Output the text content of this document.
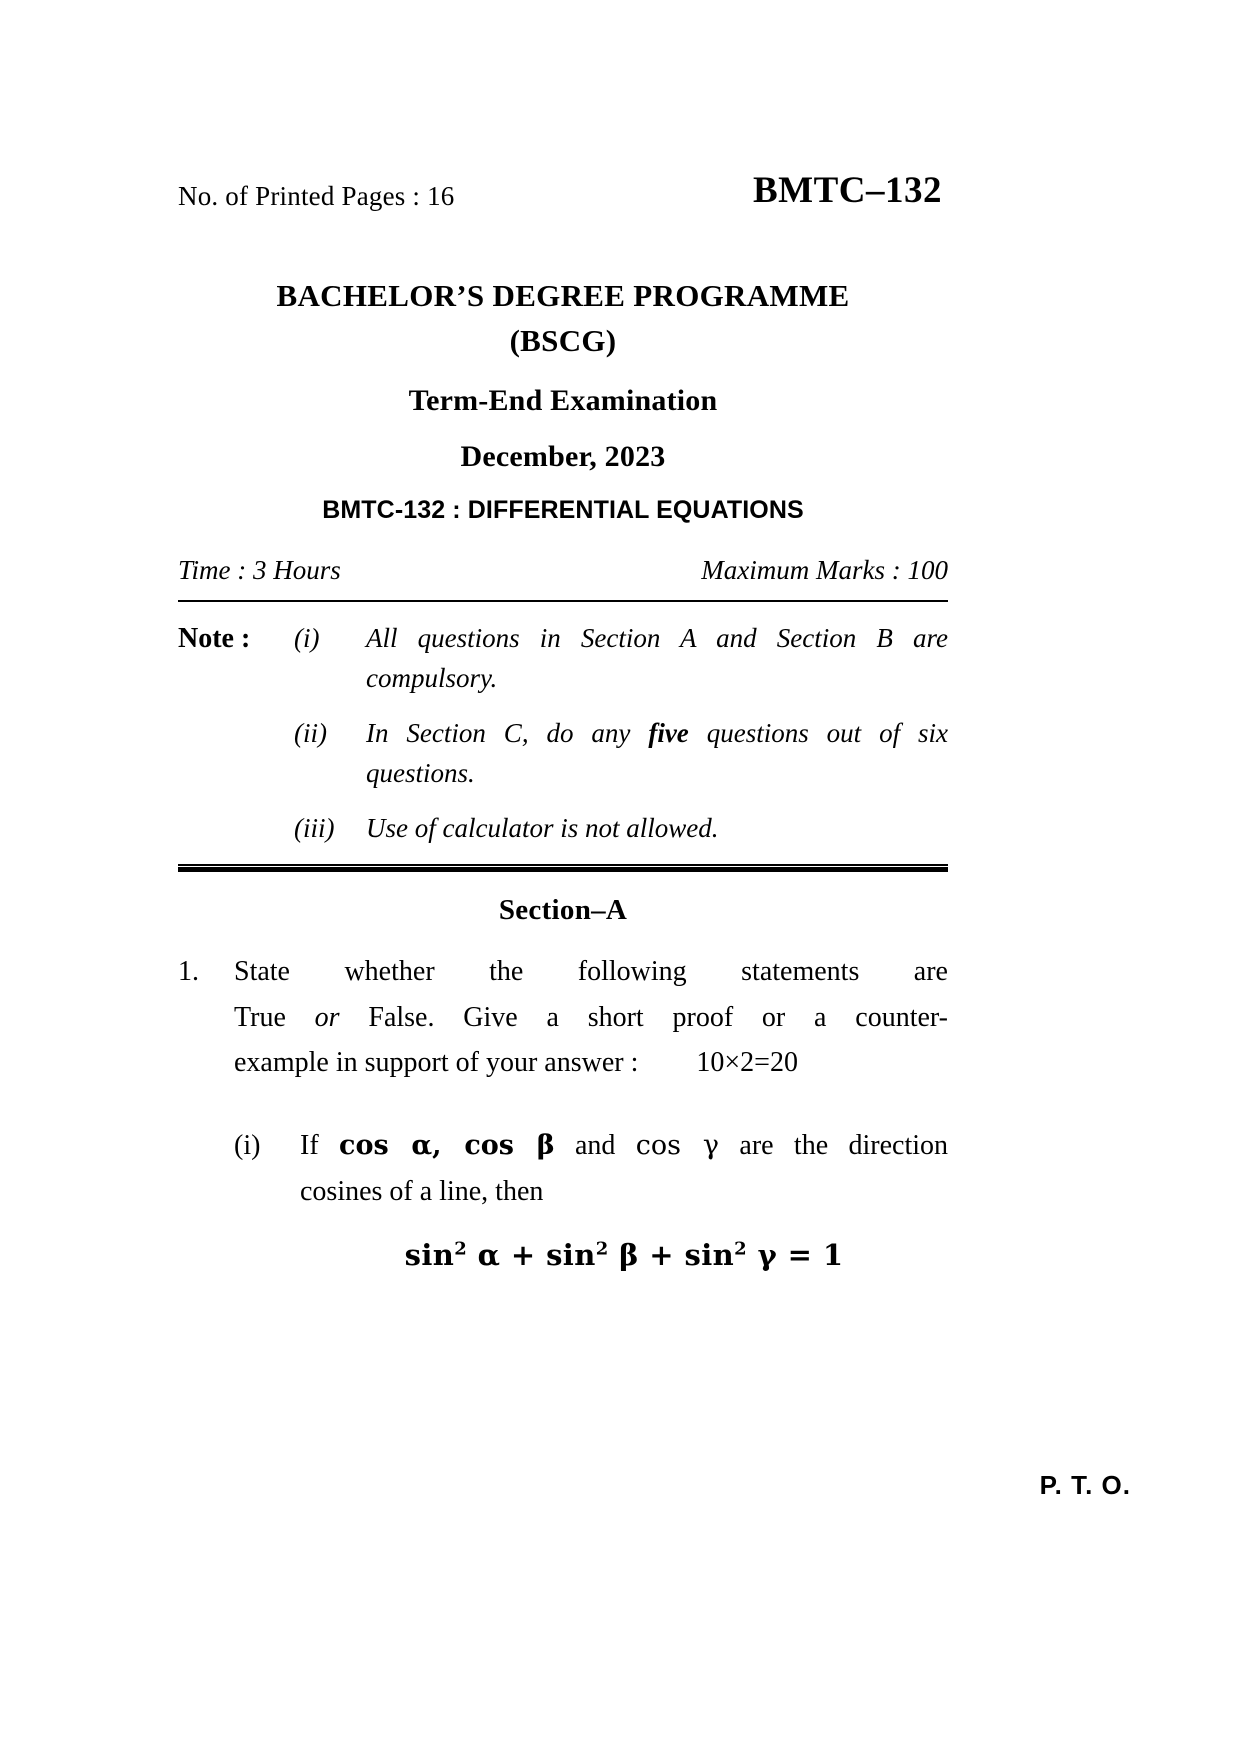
No. of Printed Pages : 16	BMTC–132
BACHELOR’S DEGREE PROGRAMME
(BSCG)
Term-End Examination
December, 2023
BMTC-132 : DIFFERENTIAL EQUATIONS
Time : 3 Hours	Maximum Marks : 100
Note :	(i)	All questions in Section A and Section B are compulsory.
(ii)	In Section C, do any five questions out of six questions.
(iii)	Use of calculator is not allowed.
Section–A
1.	State whether the following statements are
True or False. Give a short proof or a counter-
example in support of your answer : 10×2=20
(i)	If cos α, cos β and cos γ are the direction
cosines of a line, then
$\sin^2 \alpha + \sin^2 \beta + \sin^2 \gamma = 1$
P. T. O.
